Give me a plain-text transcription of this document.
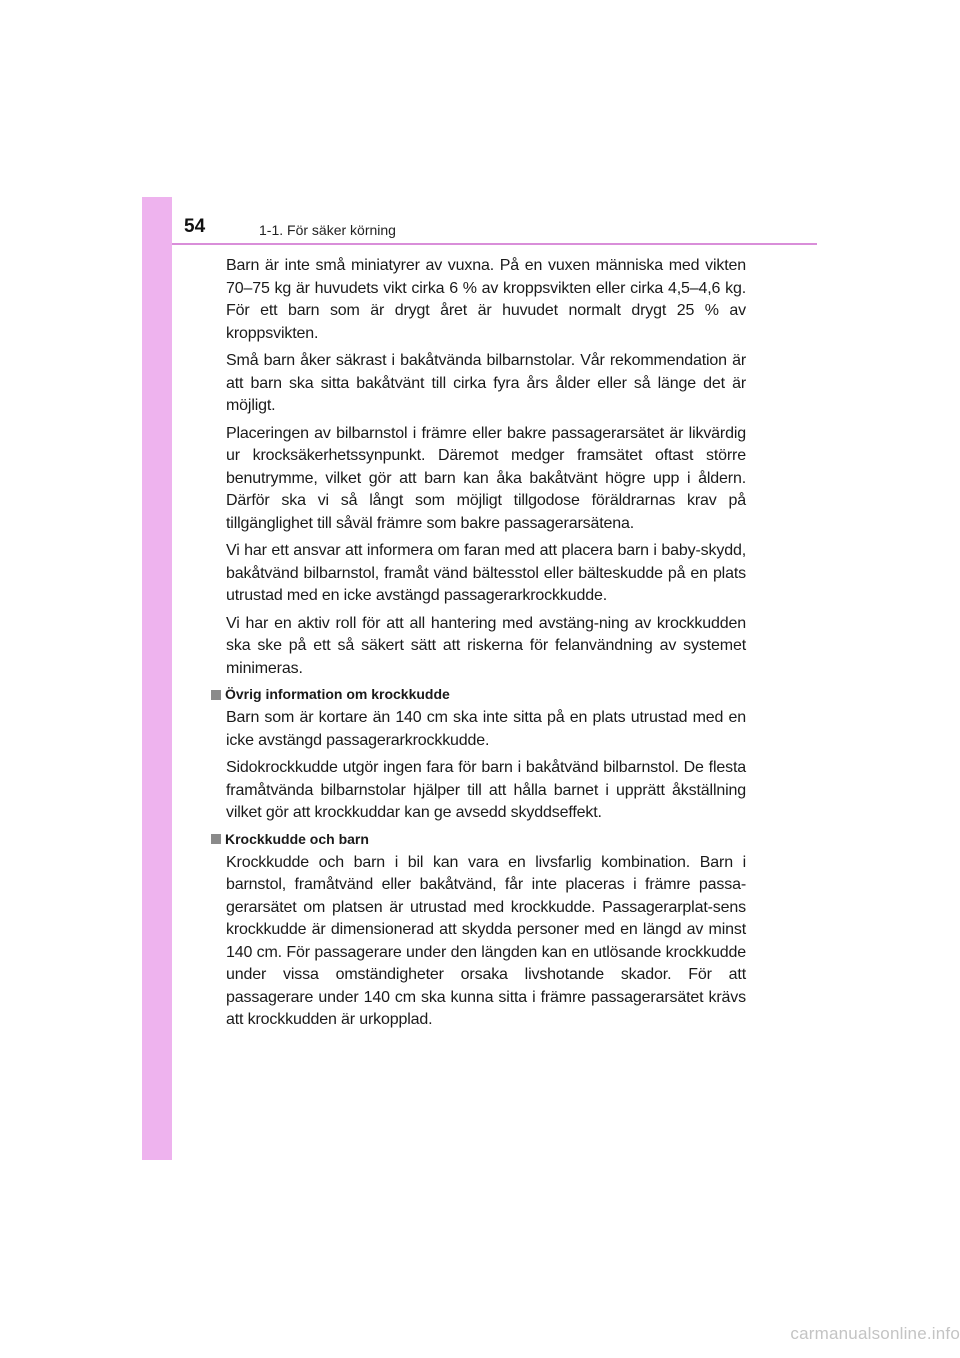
54	1-1. För säker körning

Barn är inte små miniatyrer av vuxna. På en vuxen människa med vikten 70–75 kg är huvudets vikt cirka 6 % av kroppsvikten eller cirka 4,5–4,6 kg. För ett barn som är drygt året är huvudet normalt drygt 25 % av kroppsvikten.

Små barn åker säkrast i bakåtvända bilbarnstolar. Vår rekommendation är att barn ska sitta bakåtvänt till cirka fyra års ålder eller så länge det är möjligt.

Placeringen av bilbarnstol i främre eller bakre passagerarsätet är likvärdig ur krocksäkerhetssynpunkt. Däremot medger framsätet oftast större benutrymme, vilket gör att barn kan åka bakåtvänt högre upp i åldern. Därför ska vi så långt som möjligt tillgodose föräldrarnas krav på tillgänglighet till såväl främre som bakre passagerarsätena.

Vi har ett ansvar att informera om faran med att placera barn i baby-skydd, bakåtvänd bilbarnstol, framåt vänd bältesstol eller bälteskudde på en plats utrustad med en icke avstängd passagerarkrockkudde.

Vi har en aktiv roll för att all hantering med avstäng-ning av krockkudden ska ske på ett så säkert sätt att riskerna för felanvändning av systemet minimeras.

Övrig information om krockkudde

Barn som är kortare än 140 cm ska inte sitta på en plats utrustad med en icke avstängd passagerarkrockkudde.

Sidokrockkudde utgör ingen fara för barn i bakåtvänd bilbarnstol. De flesta framåtvända bilbarnstolar hjälper till att hålla barnet i upprätt åkställning vilket gör att krockkuddar kan ge avsedd skyddseffekt.

Krockkudde och barn

Krockkudde och barn i bil kan vara en livsfarlig kombination. Barn i barnstol, framåtvänd eller bakåtvänd, får inte placeras i främre passa-gerarsätet om platsen är utrustad med krockkudde. Passagerarplat-sens krockkudde är dimensionerad att skydda personer med en längd av minst 140 cm. För passagerare under den längden kan en utlösande krockkudde under vissa omständigheter orsaka livshotande skador. För att passagerare under 140 cm ska kunna sitta i främre passagerarsätet krävs att krockkudden är urkopplad.

carmanualsonline.info
